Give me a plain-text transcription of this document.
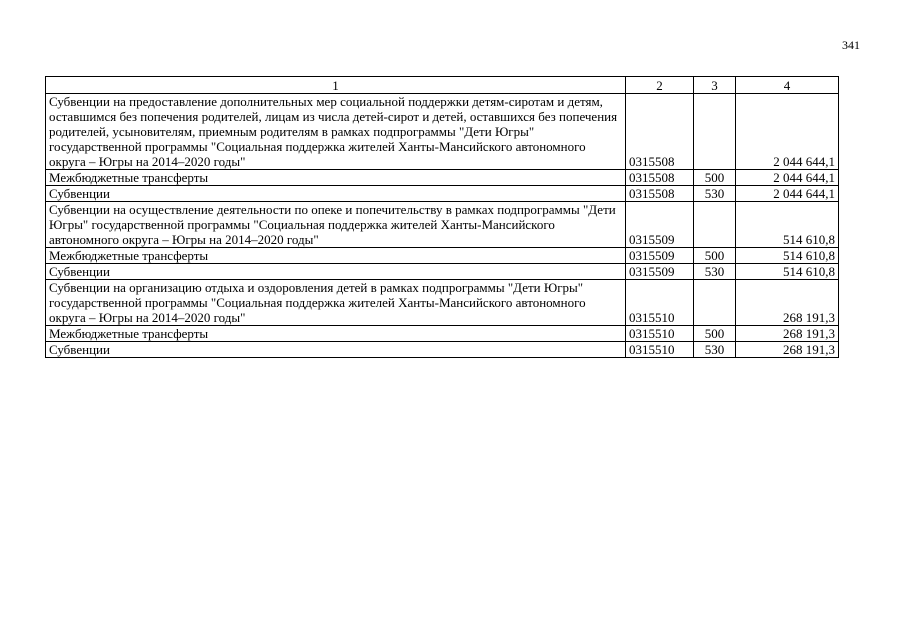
341
1	2	3	4
Субвенции на предоставление дополнительных мер социальной поддержки детям-сиротам и детям, оставшимся без попечения родителей, лицам из числа детей-сирот и детей, оставшихся без попечения родителей, усыновителям, приемным родителям в рамках подпрограммы "Дети Югры" государственной программы "Социальная поддержка жителей Ханты-Мансийского автономного округа – Югры на 2014–2020 годы"	0315508		2 044 644,1
Межбюджетные трансферты	0315508	500	2 044 644,1
Субвенции	0315508	530	2 044 644,1
Субвенции на осуществление деятельности по опеке и попечительству в рамках подпрограммы "Дети Югры" государственной программы "Социальная поддержка жителей Ханты-Мансийского автономного округа – Югры на 2014–2020 годы"	0315509		514 610,8
Межбюджетные трансферты	0315509	500	514 610,8
Субвенции	0315509	530	514 610,8
Субвенции на организацию отдыха и оздоровления детей в рамках подпрограммы "Дети Югры" государственной программы "Социальная поддержка жителей Ханты-Мансийского автономного округа – Югры на 2014–2020 годы"	0315510		268 191,3
Межбюджетные трансферты	0315510	500	268 191,3
Субвенции	0315510	530	268 191,3
